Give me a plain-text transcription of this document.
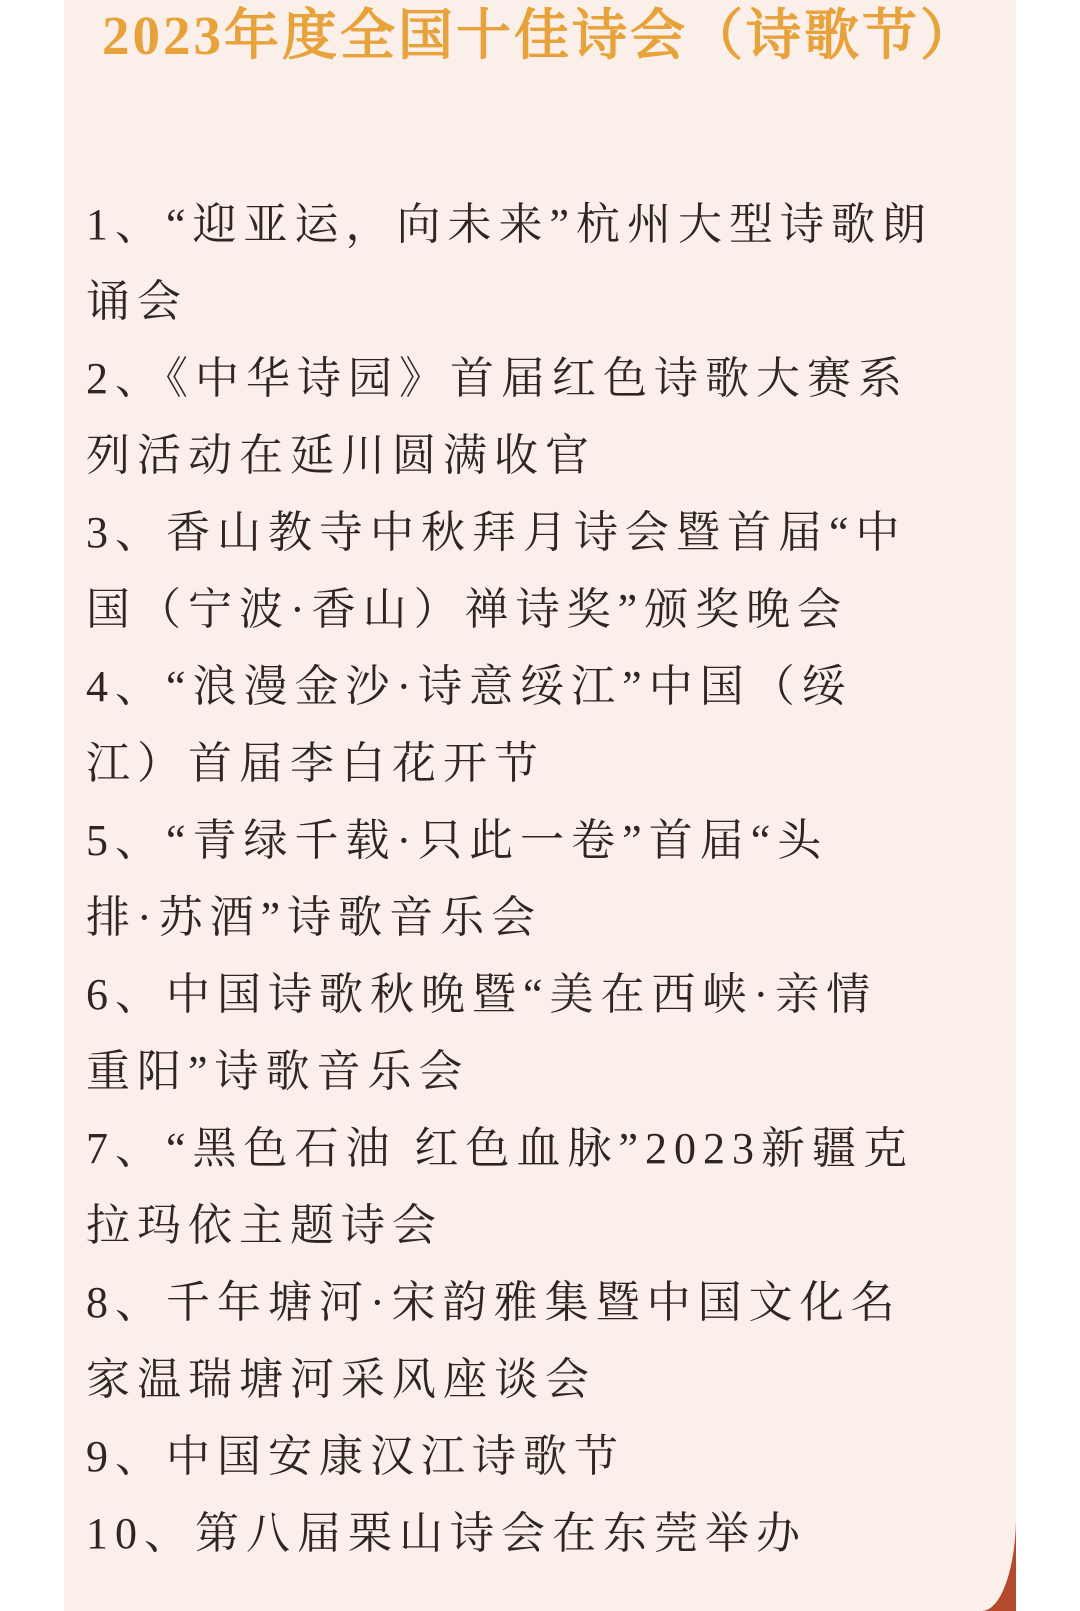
2023年度全国十佳诗会（诗歌节）
1、“迎亚运，向未来”杭州大型诗歌朗
诵会
2、《中华诗园》首届红色诗歌大赛系
列活动在延川圆满收官
3、香山教寺中秋拜月诗会暨首届“中
国（宁波·香山）禅诗奖”颁奖晚会
4、“浪漫金沙·诗意绥江”中国（绥
江）首届李白花开节
5、“青绿千载·只此一卷”首届“头
排·苏酒”诗歌音乐会
6、中国诗歌秋晚暨“美在西峡·亲情
重阳”诗歌音乐会
7、“黑色石油 红色血脉”2023新疆克
拉玛依主题诗会
8、千年塘河·宋韵雅集暨中国文化名
家温瑞塘河采风座谈会
9、中国安康汉江诗歌节
10、第八届栗山诗会在东莞举办
